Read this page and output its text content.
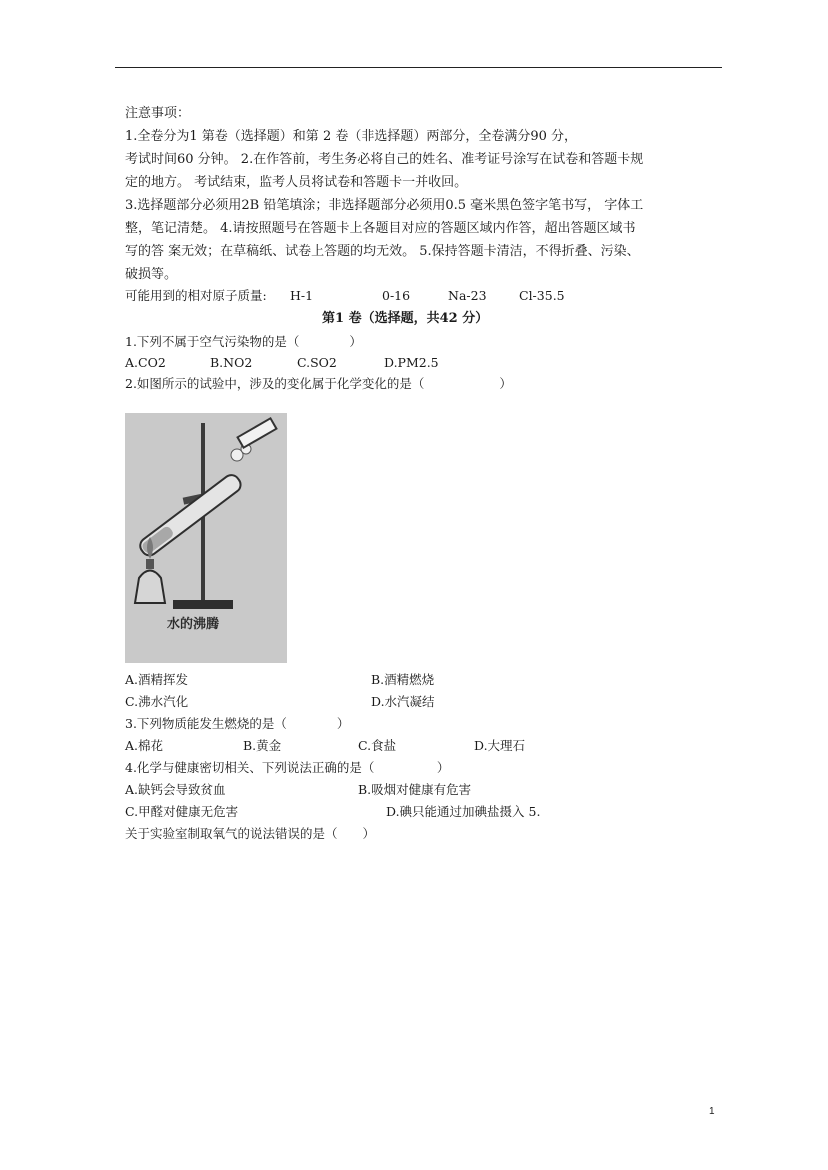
注意事项：
1.全卷分为1 第卷（选择题）和第 2 卷（非选择题）两部分，全卷满分90 分，
考试时间60 分钟。 2.在作答前，考生务必将自己的姓名、准考证号涂写在试卷和答题卡规
定的地方。 考试结束，监考人员将试卷和答题卡一并收回。
3.选择题部分必须用2B 铅笔填涂；非选择题部分必须用0.5 毫米黑色签字笔书写， 字体工
整，笔记清楚。 4.请按照题号在答题卡上各题目对应的答题区域内作答，超出答题区域书
写的答 案无效；在草稿纸、试卷上答题的均无效。 5.保持答题卡清洁，不得折叠、污染、
破损等。
可能用到的相对原子质量: H-1	0-16	Na-23	Cl-35.5
第1 卷（选择题，共42 分）
1.下列不属于空气污染物的是（　　　　）
A.CO2	B.NO2	C.SO2	D.PM2.5
2.如图所示的试验中，涉及的变化属于化学变化的是（　　　　　　）
水的沸腾
A.酒精挥发	B.酒精燃烧
C.沸水汽化	D.水汽凝结
3.下列物质能发生燃烧的是（　　　　）
A.棉花	B.黄金	C.食盐	D.大理石
4.化学与健康密切相关、下列说法正确的是（　　　　　）
A.缺钙会导致贫血	B.吸烟对健康有危害
C.甲醛对健康无危害	D.碘只能通过加碘盐摄入 5.
关于实验室制取氧气的说法错误的是（　　）
1
